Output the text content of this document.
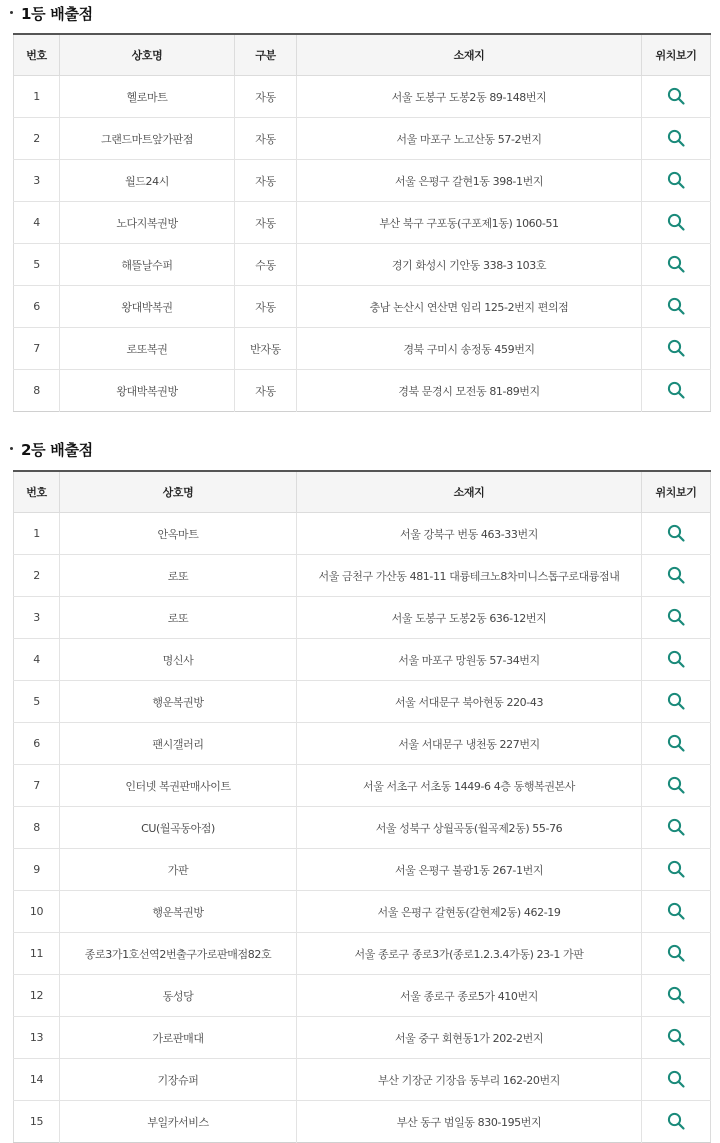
1등 배출점
번호	상호명	구분	소재지	위치보기
1	헬로마트	자동	서울 도봉구 도봉2동 89-148번지	
2	그랜드마트앞가판점	자동	서울 마포구 노고산동 57-2번지	
3	월드24시	자동	서울 은평구 갈현1동 398-1번지	
4	노다지복권방	자동	부산 북구 구포동(구포제1동) 1060-51	
5	해뜰날수퍼	수동	경기 화성시 기안동 338-3 103호	
6	왕대박복권	자동	충남 논산시 연산면 임리 125-2번지 편의점	
7	로또복권	반자동	경북 구미시 송정동 459번지	
8	왕대박복권방	자동	경북 문경시 모전동 81-89번지	
2등 배출점
번호	상호명	소재지	위치보기
1	안옥마트	서울 강북구 번동 463-33번지	
2	로또	서울 금천구 가산동 481-11 대륭테크노8차미니스톱구로대륭점내	
3	로또	서울 도봉구 도봉2동 636-12번지	
4	명신사	서울 마포구 망원동 57-34번지	
5	행운복권방	서울 서대문구 북아현동 220-43	
6	팬시갤러리	서울 서대문구 냉천동 227번지	
7	인터넷 복권판매사이트	서울 서초구 서초동 1449-6 4층 동행복권본사	
8	CU(월곡동아점)	서울 성북구 상월곡동(월곡제2동) 55-76	
9	가판	서울 은평구 불광1동 267-1번지	
10	행운복권방	서울 은평구 갈현동(갈현제2동) 462-19	
11	종로3가1호선역2번출구가로판매점82호	서울 종로구 종로3가(종로1.2.3.4가동) 23-1 가판	
12	동성당	서울 종로구 종로5가 410번지	
13	가로판매대	서울 중구 회현동1가 202-2번지	
14	기장슈퍼	부산 기장군 기장읍 동부리 162-20번지	
15	부일카서비스	부산 동구 범일동 830-195번지	
